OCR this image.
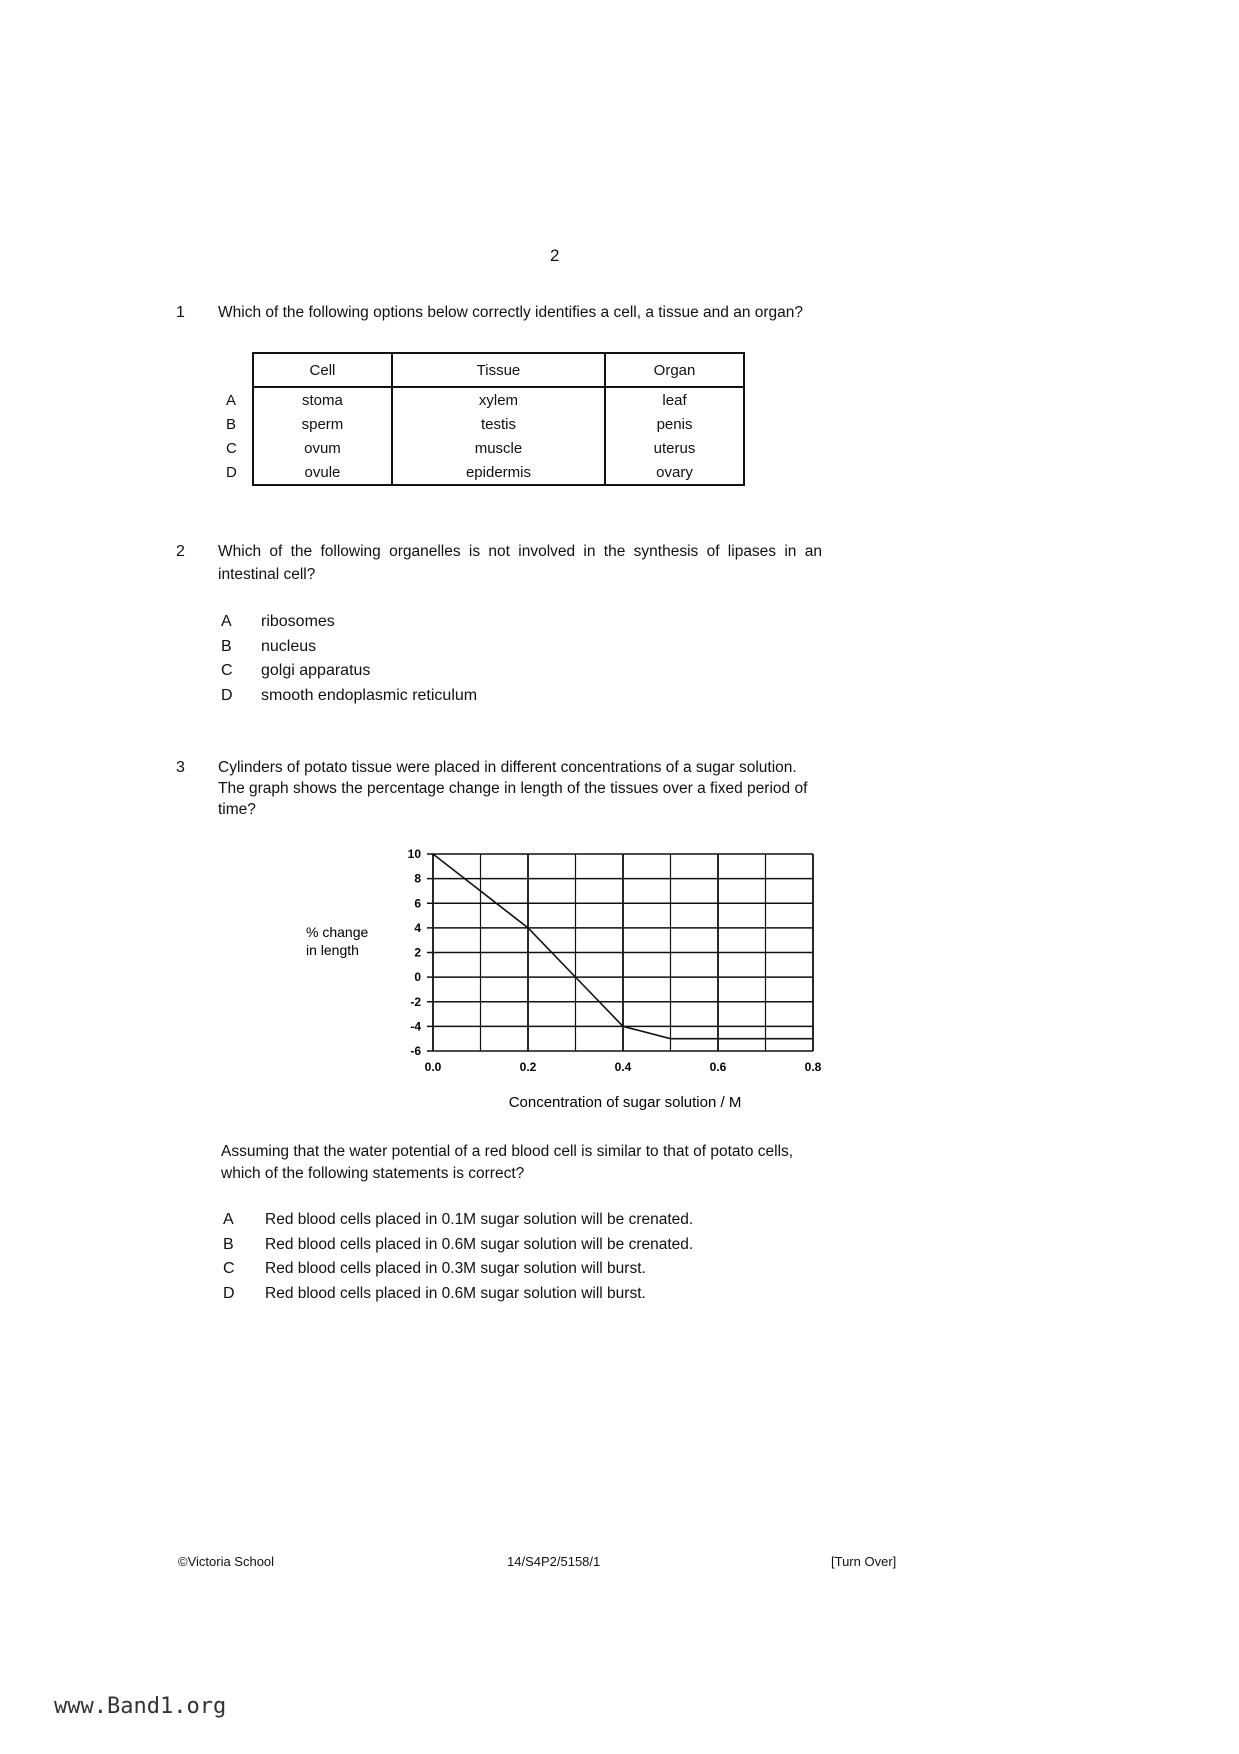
2
1 Which of the following options below correctly identifies a cell, a tissue and an organ?
Cell	Tissue	Organ

A stoma	xylem	leaf

B sperm	testis	penis

C ovum	muscle	uterus

D ovule	epidermis	ovary
2 Which of the following organelles is not involved in the synthesis of lipases in an
intestinal cell?
A ribosomes
B nucleus
C golgi apparatus
D smooth endoplasmic reticulum
3 Cylinders of potato tissue were placed in different concentrations of a sugar solution.
The graph shows the percentage change in length of the tissues over a fixed period of
time?
10
8
6
4
2
0
-2
-4
-6
0.0	0.2	0.4	0.6	0.8
% change
in length
Concentration of sugar solution / M
Assuming that the water potential of a red blood cell is similar to that of potato cells,
which of the following statements is correct?
A Red blood cells placed in 0.1M sugar solution will be crenated.
B Red blood cells placed in 0.6M sugar solution will be crenated.
C Red blood cells placed in 0.3M sugar solution will burst.
D Red blood cells placed in 0.6M sugar solution will burst.
©Victoria School	14/S4P2/5158/1	[Turn Over]
www.Band1.org
